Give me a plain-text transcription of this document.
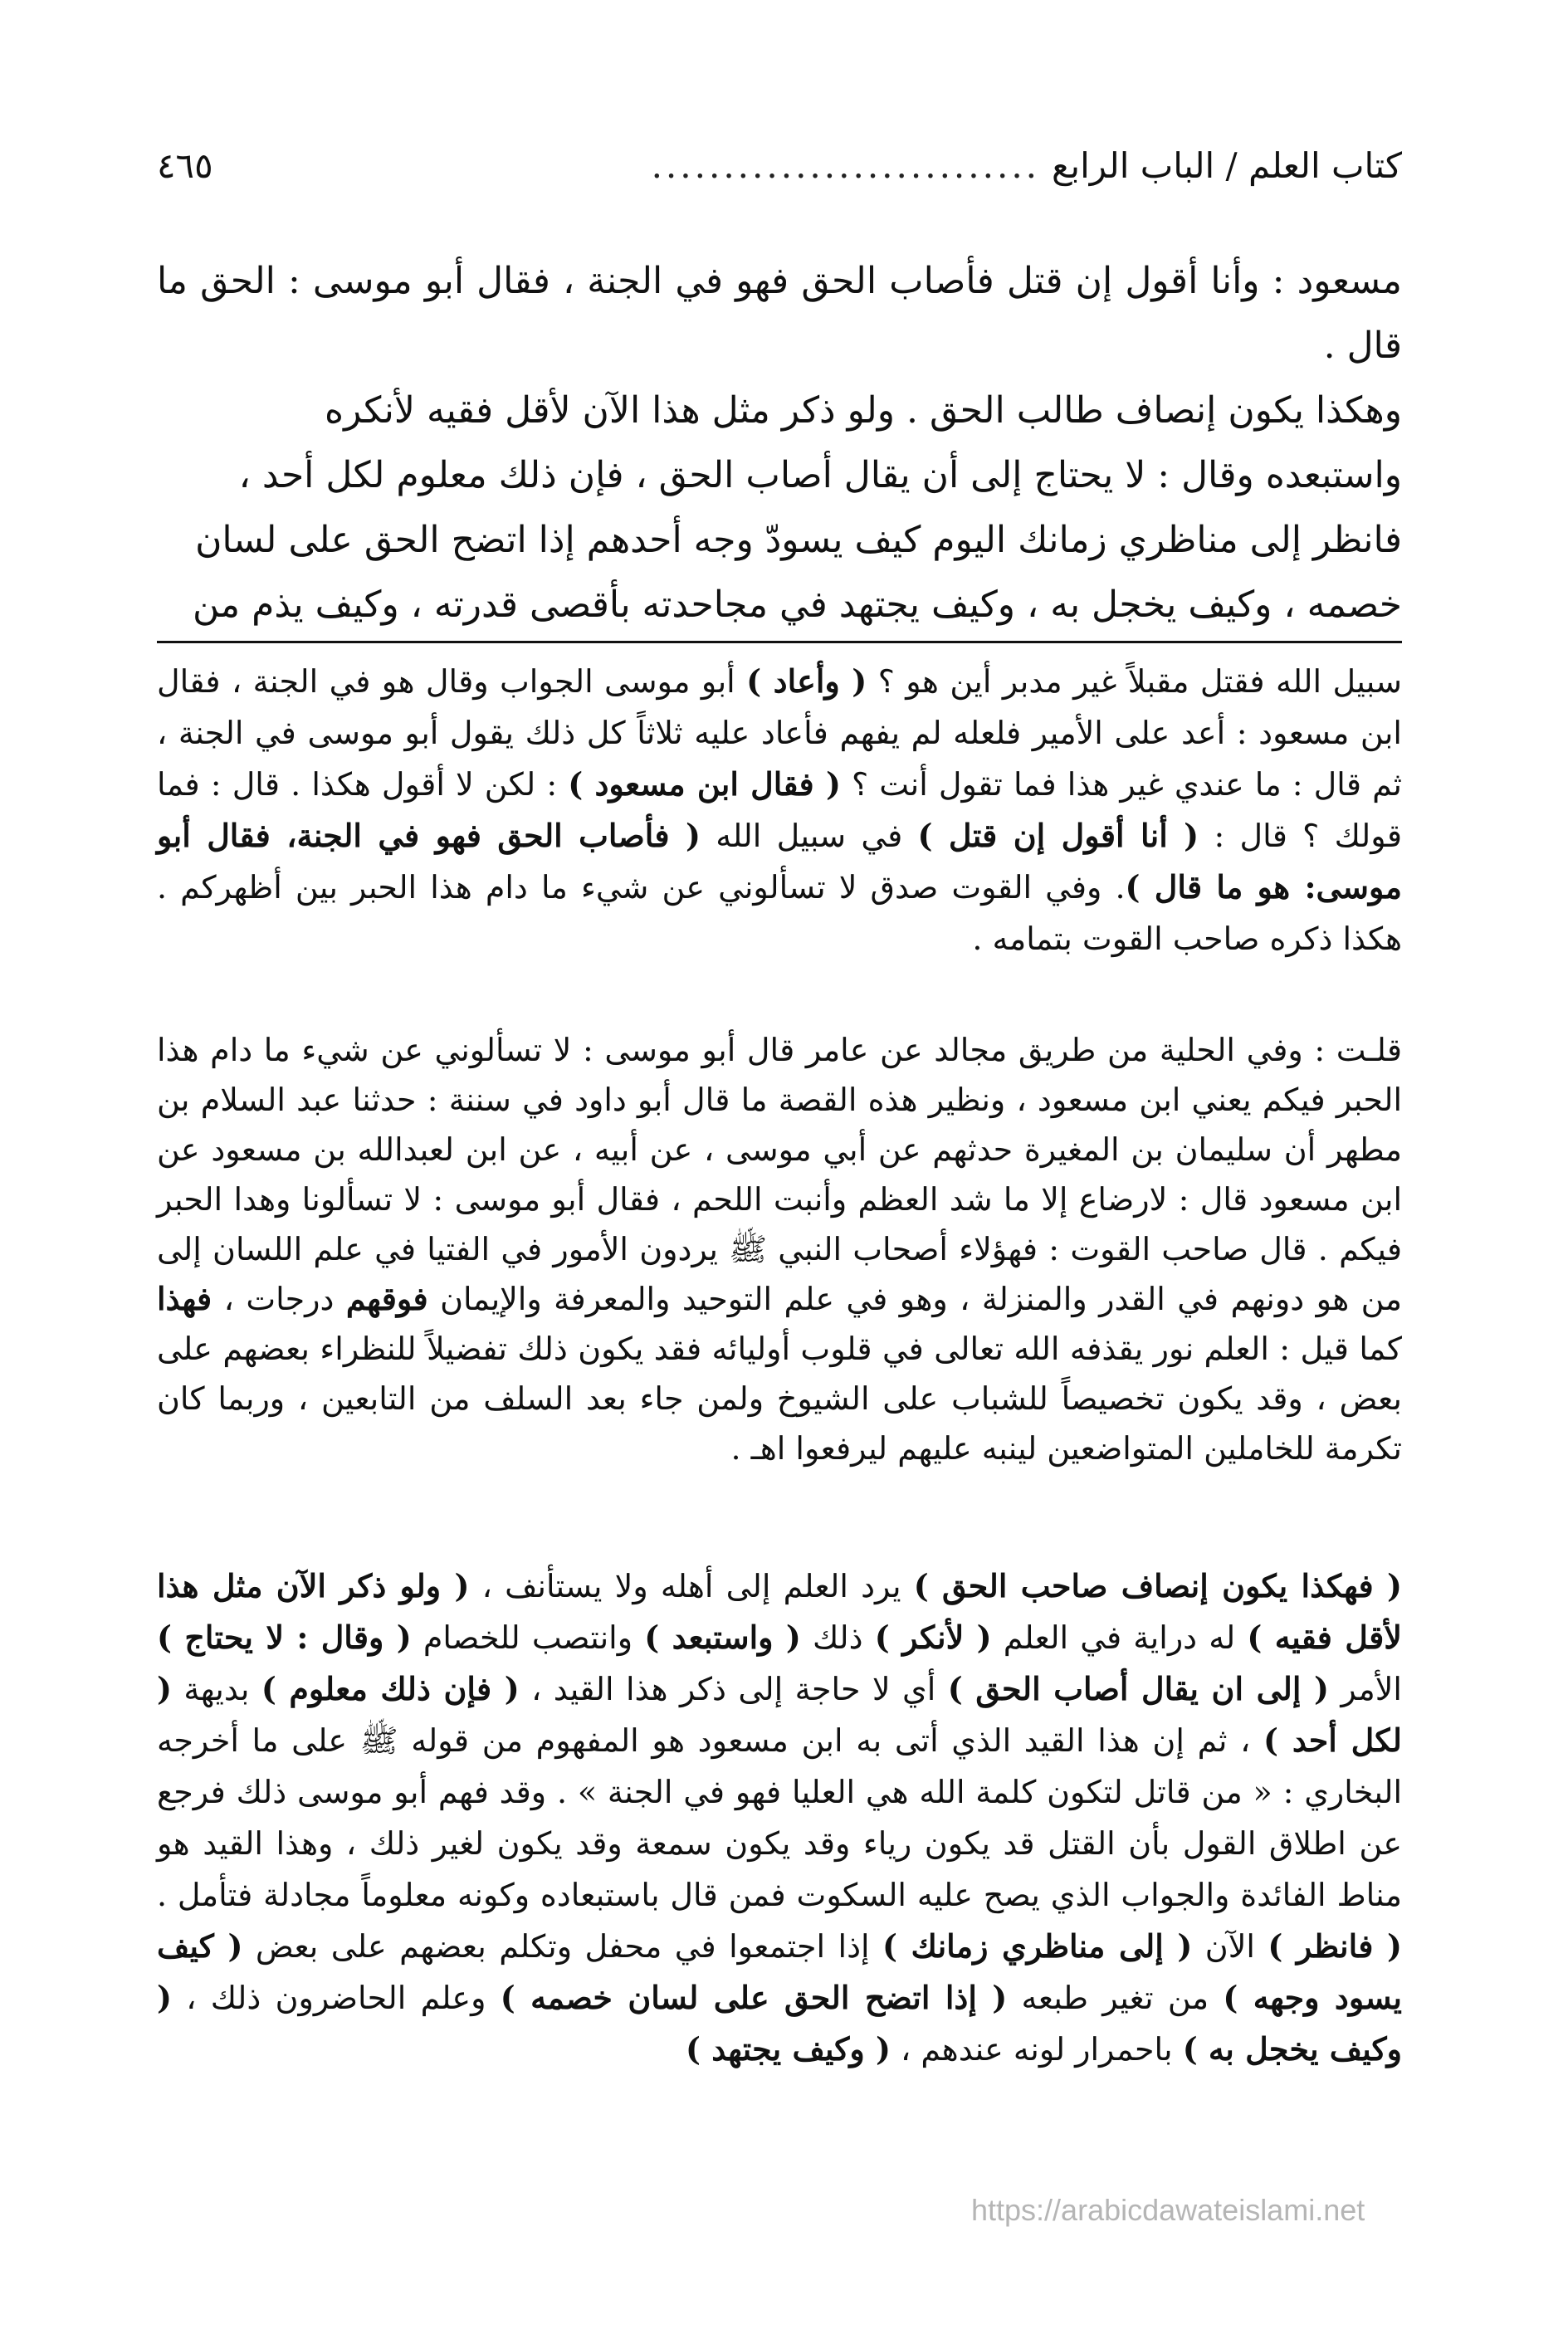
كتاب العلم / الباب الرابع
...........................
٤٦٥

مسعود : وأنا أقول إن قتل فأصاب الحق فهو في الجنة ، فقال أبو موسى : الحق ما قال .

وهكذا يكون إنصاف طالب الحق . ولو ذكر مثل هذا الآن لأقل فقيه لأنكره

واستبعده وقال : لا يحتاج إلى أن يقال أصاب الحق ، فإن ذلك معلوم لكل أحد ،

فانظر إلى مناظري زمانك اليوم كيف يسودّ وجه أحدهم إذا اتضح الحق على لسان

خصمه ، وكيف يخجل به ، وكيف يجتهد في مجاحدته بأقصى قدرته ، وكيف يذم من

سبيل الله فقتل مقبلاً غير مدبر أين هو ؟ ( وأعاد ) أبو موسى الجواب وقال هو في الجنة ، فقال ابن مسعود : أعد على الأمير فلعله لم يفهم فأعاد عليه ثلاثاً كل ذلك يقول أبو موسى في الجنة ، ثم قال : ما عندي غير هذا فما تقول أنت ؟ ( فقال ابن مسعود ) : لكن لا أقول هكذا . قال : فما قولك ؟ قال : ( أنا أقول إن قتل ) في سبيل الله ( فأصاب الحق فهو في الجنة، فقال أبو موسى: هو ما قال ). وفي القوت صدق لا تسألوني عن شيء ما دام هذا الحبر بين أظهركم . هكذا ذكره صاحب القوت بتمامه .

قلـت : وفي الحلية من طريق مجالد عن عامر قال أبو موسى : لا تسألوني عن شيء ما دام هذا الحبر فيكم يعني ابن مسعود ، ونظير هذه القصة ما قال أبو داود في سننة : حدثنا عبد السلام بن مطهر أن سليمان بن المغيرة حدثهم عن أبي موسى ، عن أبيه ، عن ابن لعبدالله بن مسعود عن ابن مسعود قال : لارضاع إلا ما شد العظم وأنبت اللحم ، فقال أبو موسى : لا تسألونا وهدا الحبر فيكم . قال صاحب القوت : فهؤلاء أصحاب النبي ﷺ يردون الأمور في الفتيا في علم اللسان إلى من هو دونهم في القدر والمنزلة ، وهو في علم التوحيد والمعرفة والإيمان فوقهم درجات ، فهذا كما قيل : العلم نور يقذفه الله تعالى في قلوب أوليائه فقد يكون ذلك تفضيلاً للنظراء بعضهم على بعض ، وقد يكون تخصيصاً للشباب على الشيوخ ولمن جاء بعد السلف من التابعين ، وربما كان تكرمة للخاملين المتواضعين لينبه عليهم ليرفعوا اهـ .

( فهكذا يكون إنصاف صاحب الحق ) يرد العلم إلى أهله ولا يستأنف ، ( ولو ذكر الآن مثل هذا لأقل فقيه ) له دراية في العلم ( لأنكر ) ذلك ( واستبعد ) وانتصب للخصام ( وقال : لا يحتاج ) الأمر ( إلى ان يقال أصاب الحق ) أي لا حاجة إلى ذكر هذا القيد ، ( فإن ذلك معلوم ) بديهة ( لكل أحد ) ، ثم إن هذا القيد الذي أتى به ابن مسعود هو المفهوم من قوله ﷺ على ما أخرجه البخاري : « من قاتل لتكون كلمة الله هي العليا فهو في الجنة » . وقد فهم أبو موسى ذلك فرجع عن اطلاق القول بأن القتل قد يكون رياء وقد يكون سمعة وقد يكون لغير ذلك ، وهذا القيد هو مناط الفائدة والجواب الذي يصح عليه السكوت فمن قال باستبعاده وكونه معلوماً مجادلة فتأمل . ( فانظر ) الآن ( إلى مناظري زمانك ) إذا اجتمعوا في محفل وتكلم بعضهم على بعض ( كيف يسود وجهه ) من تغير طبعه ( إذا اتضح الحق على لسان خصمه ) وعلم الحاضرون ذلك ، ( وكيف يخجل به ) باحمرار لونه عندهم ، ( وكيف يجتهد )

https://arabicdawateislami.net
